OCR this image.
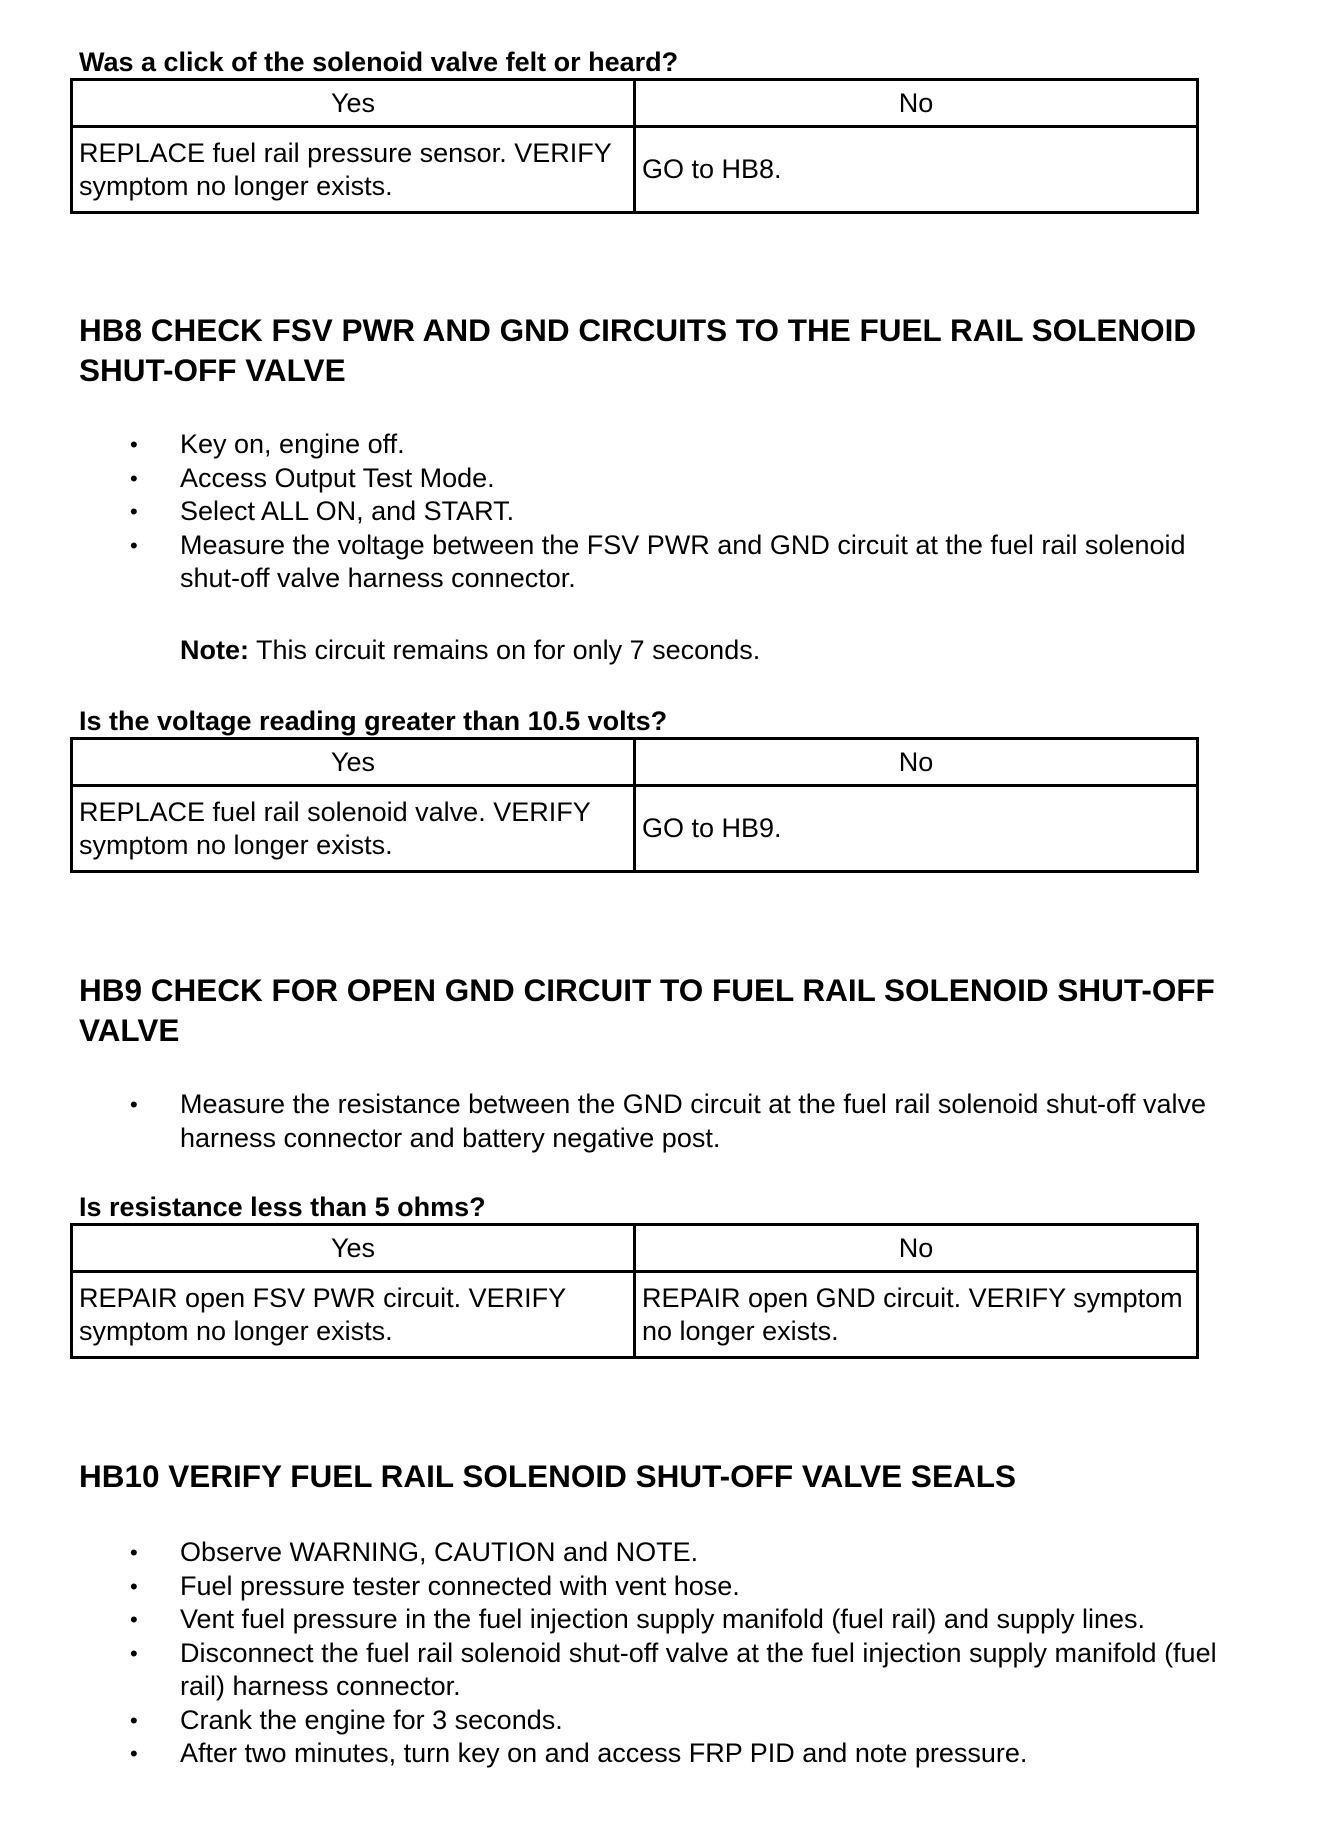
Was a click of the solenoid valve felt or heard?
Yes	No
REPLACE fuel rail pressure sensor. VERIFY symptom no longer exists.	GO to HB8.
HB8 CHECK FSV PWR AND GND CIRCUITS TO THE FUEL RAIL SOLENOID SHUT-OFF VALVE
• Key on, engine off.
• Access Output Test Mode.
• Select ALL ON, and START.
• Measure the voltage between the FSV PWR and GND circuit at the fuel rail solenoid shut-off valve harness connector.
Note: This circuit remains on for only 7 seconds.
Is the voltage reading greater than 10.5 volts?
Yes	No
REPLACE fuel rail solenoid valve. VERIFY symptom no longer exists.	GO to HB9.
HB9 CHECK FOR OPEN GND CIRCUIT TO FUEL RAIL SOLENOID SHUT-OFF VALVE
• Measure the resistance between the GND circuit at the fuel rail solenoid shut-off valve harness connector and battery negative post.
Is resistance less than 5 ohms?
Yes	No
REPAIR open FSV PWR circuit. VERIFY symptom no longer exists.	REPAIR open GND circuit. VERIFY symptom no longer exists.
HB10 VERIFY FUEL RAIL SOLENOID SHUT-OFF VALVE SEALS
• Observe WARNING, CAUTION and NOTE.
• Fuel pressure tester connected with vent hose.
• Vent fuel pressure in the fuel injection supply manifold (fuel rail) and supply lines.
• Disconnect the fuel rail solenoid shut-off valve at the fuel injection supply manifold (fuel rail) harness connector.
• Crank the engine for 3 seconds.
• After two minutes, turn key on and access FRP PID and note pressure.
